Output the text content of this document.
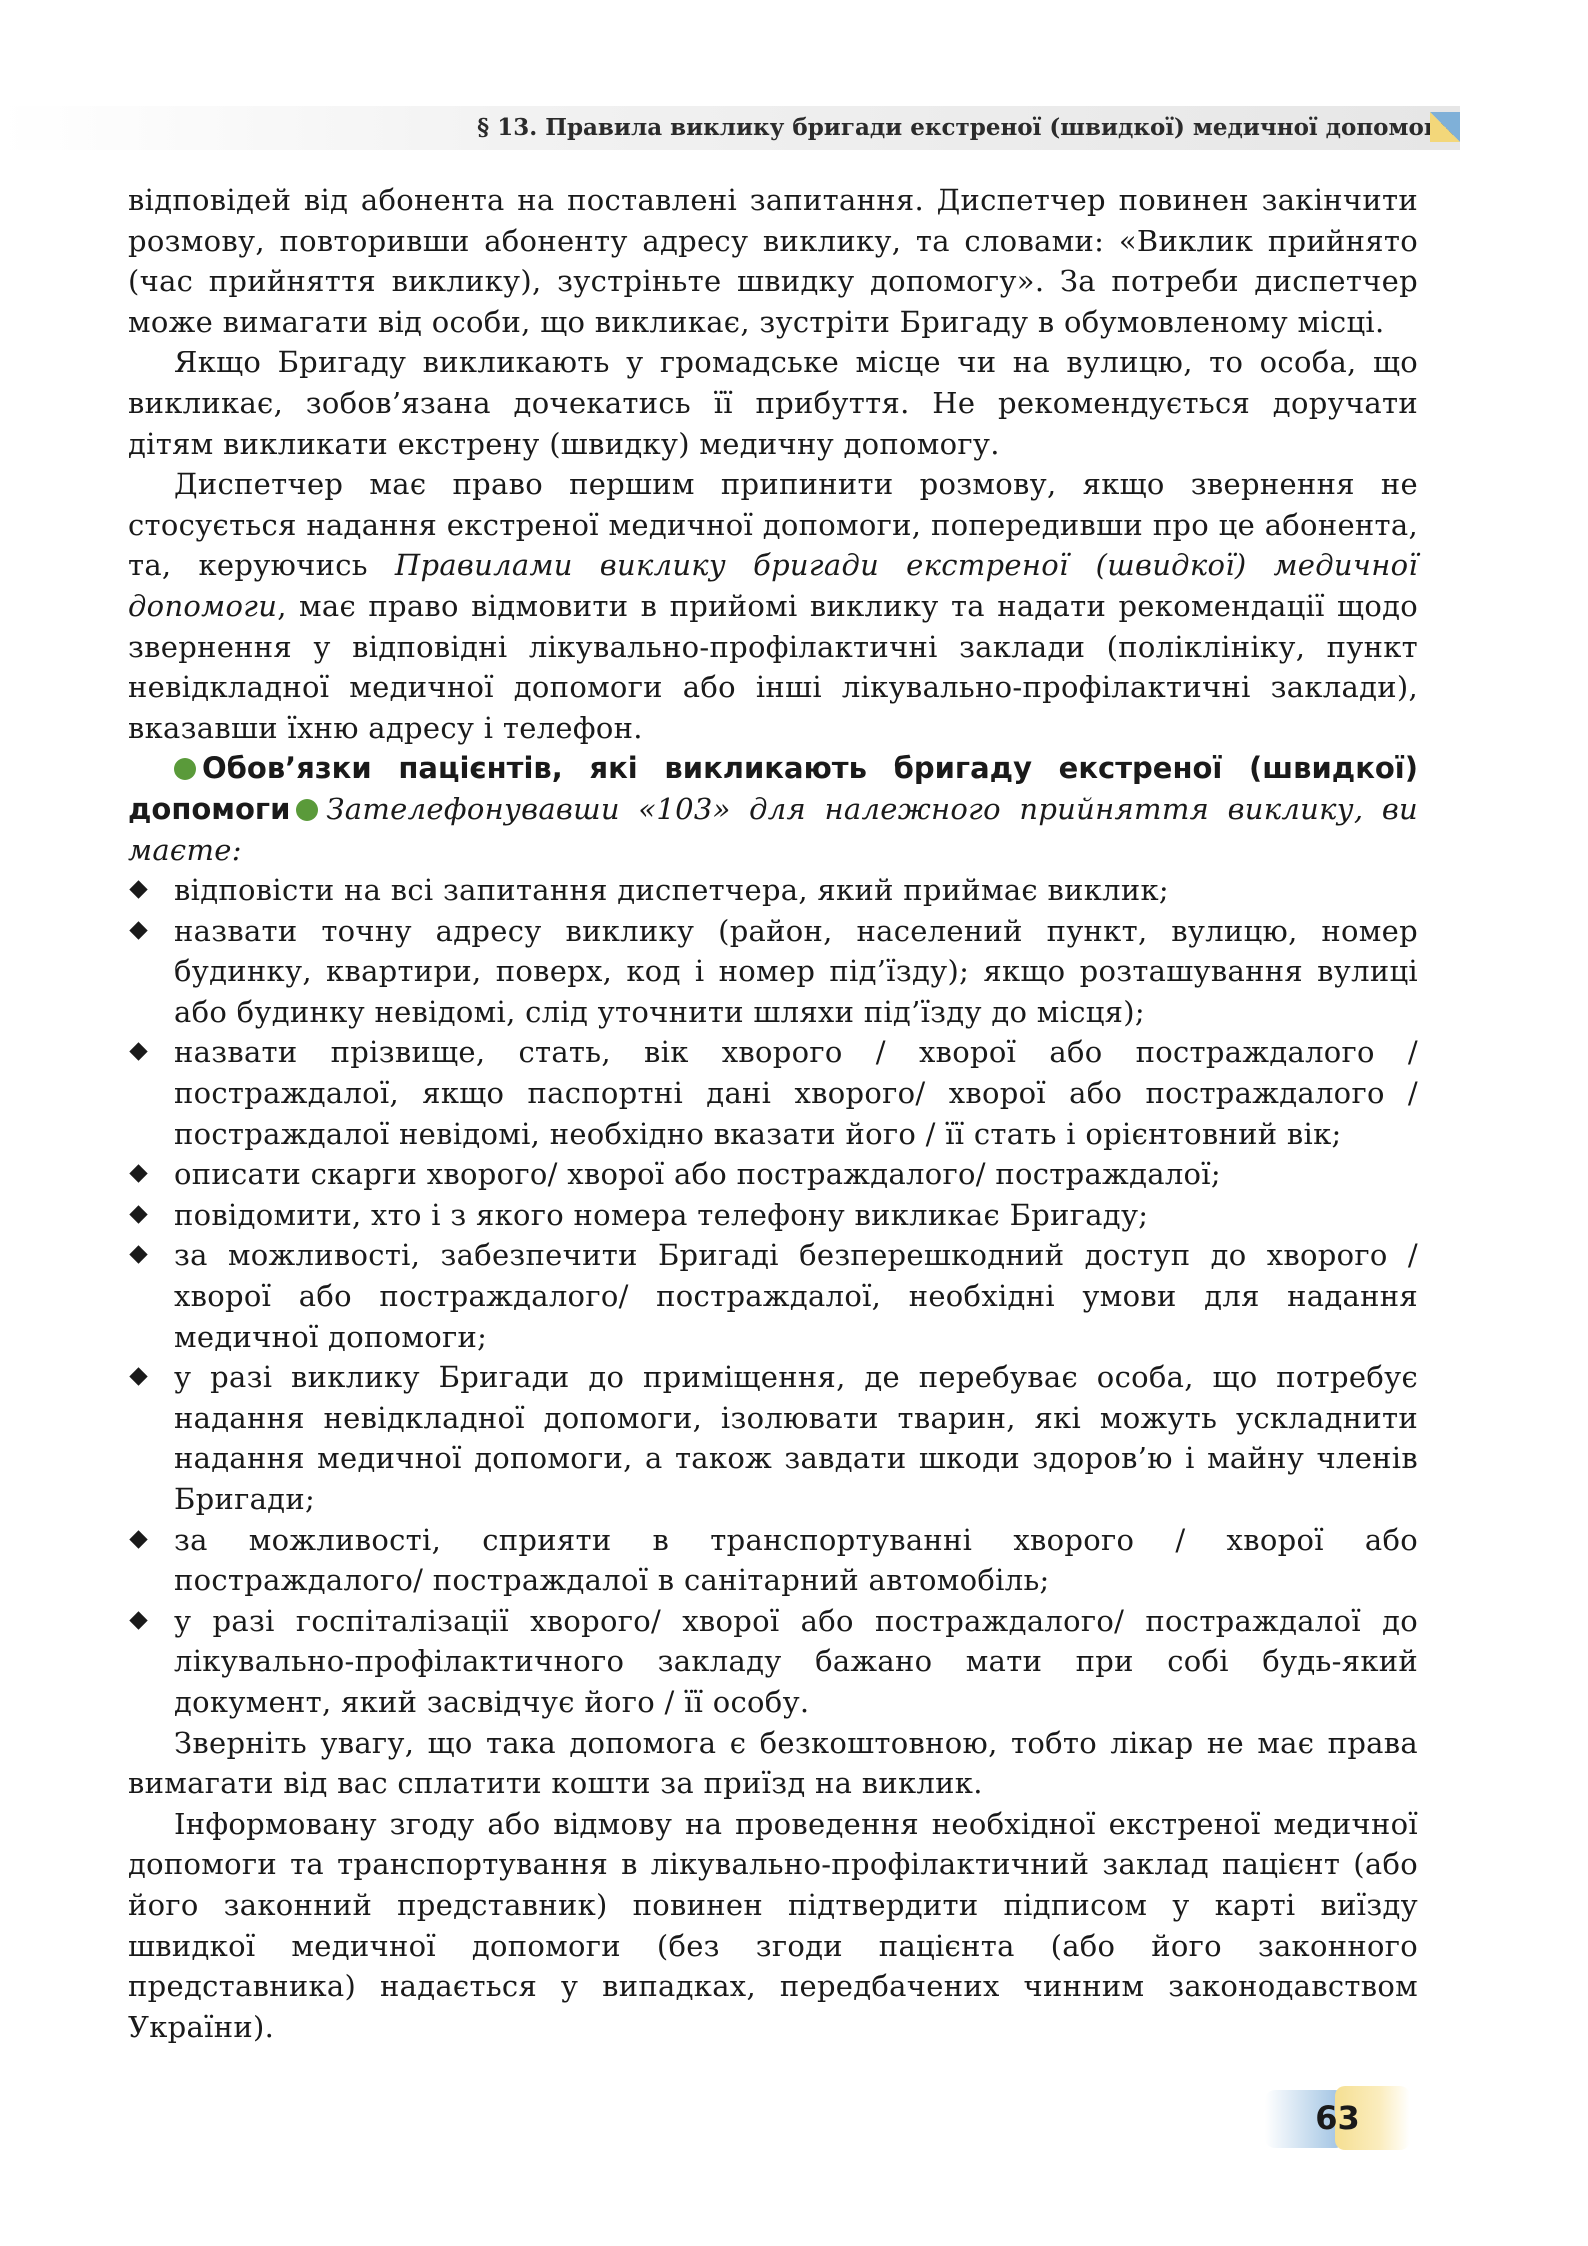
§ 13. Правила виклику бригади екстреної (швидкої) медичної допомоги

відповідей від абонента на поставлені запитання. Диспетчер повинен закінчити розмову, повторивши абоненту адресу виклику, та словами: «Виклик прийнято (час прийняття виклику), зустріньте швидку допомогу». За потреби диспетчер може вимагати від особи, що викликає, зустріти Бригаду в обумовленому місці.

Якщо Бригаду викликають у громадське місце чи на вулицю, то особа, що викликає, зобов’язана дочекатись її прибуття. Не рекомендується доручати дітям викликати екстрену (швидку) медичну допомогу.

Диспетчер має право першим припинити розмову, якщо звернення не стосується надання екстреної медичної допомоги, попередивши про це абонента, та, керуючись Правилами виклику бригади екстреної (швидкої) медичної допомоги, має право відмовити в прийомі виклику та надати рекомендації щодо звернення у відповідні лікувально-профілактичні заклади (поліклініку, пункт невідкладної медичної допомоги або інші лікувально-профілактичні заклади), вказавши їхню адресу і телефон.

Обов’язки пацієнтів, які викликають бригаду екстреної (швидкої) допомоги Зателефонувавши «103» для належного прийняття виклику, ви маєте:

відповісти на всі запитання диспетчера, який приймає виклик;
назвати точну адресу виклику (район, населений пункт, вулицю, номер будинку, квартири, поверх, код і номер під’їзду); якщо розташування вулиці або будинку невідомі, слід уточнити шляхи під’їзду до місця);
назвати прізвище, стать, вік хворого / хворої або постраждалого / постраждалої, якщо паспортні дані хворого/ хворої або постраждалого / постраждалої невідомі, необхідно вказати його / її стать і орієнтовний вік;
описати скарги хворого/ хворої або постраждалого/ постраждалої;
повідомити, хто і з якого номера телефону викликає Бригаду;
за можливості, забезпечити Бригаді безперешкодний доступ до хворого / хворої або постраждалого/ постраждалої, необхідні умови для надання медичної допомоги;
у разі виклику Бригади до приміщення, де перебуває особа, що потребує надання невідкладної допомоги, ізолювати тварин, які можуть ускладнити надання медичної допомоги, а також завдати шкоди здоров’ю і майну членів Бригади;
за можливості, сприяти в транспортуванні хворого / хворої або постраждалого/ постраждалої в санітарний автомобіль;
у разі госпіталізації хворого/ хворої або постраждалого/ постраждалої до лікувально-профілактичного закладу бажано мати при собі будь-який документ, який засвідчує його / її особу.

Зверніть увагу, що така допомога є безкоштовною, тобто лікар не має права вимагати від вас сплатити кошти за приїзд на виклик.

Інформовану згоду або відмову на проведення необхідної екстреної медичної допомоги та транспортування в лікувально-профілактичний заклад пацієнт (або його законний представник) повинен підтвердити підписом у карті виїзду швидкої медичної допомоги (без згоди пацієнта (або його законного представника) надається у випадках, передбачених чинним законодавством України).

63
